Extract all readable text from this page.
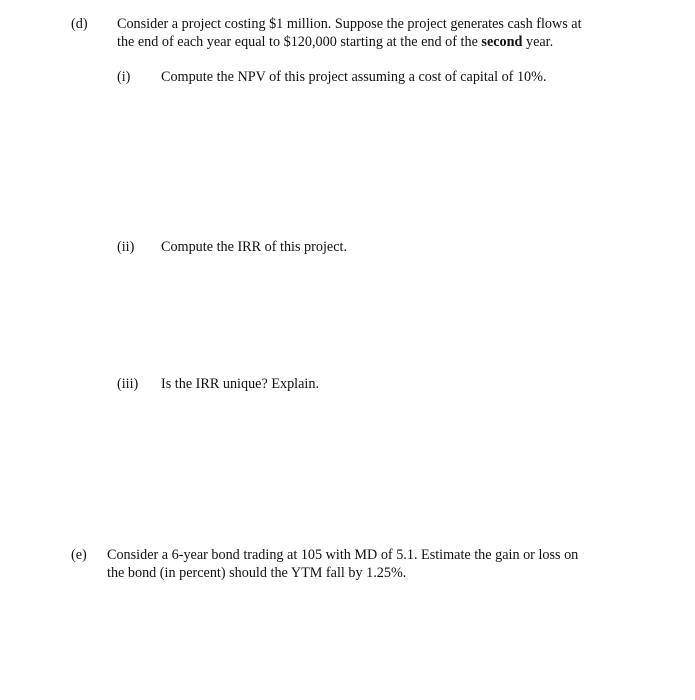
(d) Consider a project costing $1 million. Suppose the project generates cash flows at

the end of each year equal to $120,000 starting at the end of the second year.

(i) Compute the NPV of this project assuming a cost of capital of 10%.

(ii) Compute the IRR of this project.

(iii) Is the IRR unique? Explain.

(e) Consider a 6-year bond trading at 105 with MD of 5.1. Estimate the gain or loss on

the bond (in percent) should the YTM fall by 1.25%.
